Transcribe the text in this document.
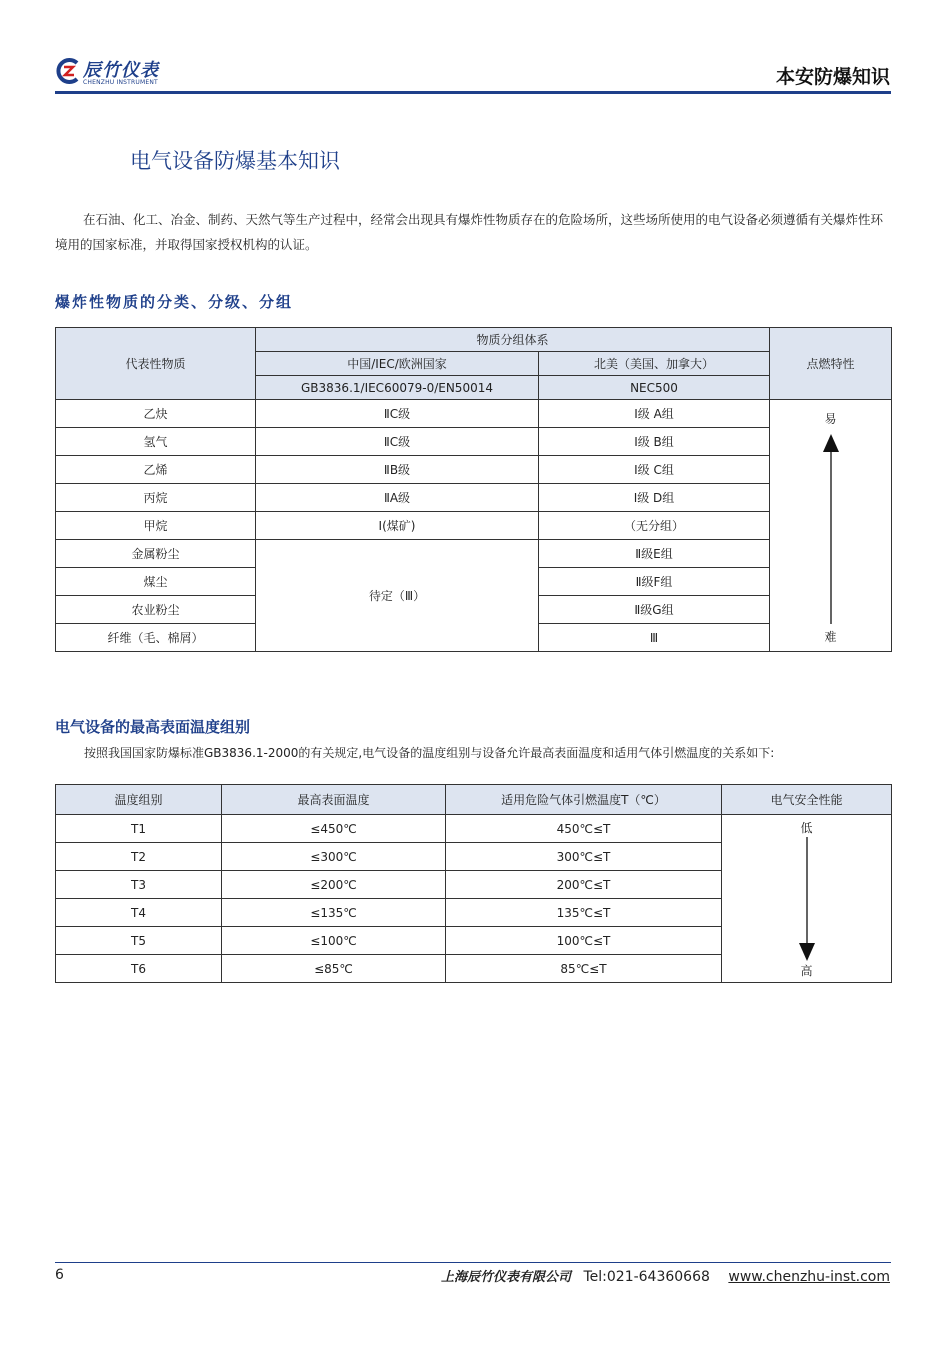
辰竹仪表
CHENZHU INSTRUMENT	本安防爆知识
电气设备防爆基本知识
在石油、化工、冶金、制药、天然气等生产过程中，经常会出现具有爆炸性物质存在的危险场所，这些场所使用的电气设备必须遵循有关爆炸性环境用的国家标准，并取得国家授权机构的认证。
爆炸性物质的分类、分级、分组
代表性物质	物质分组体系		点燃特性
	中国/IEC/欧洲国家	北美（美国、加拿大）	
	GB3836.1/IEC60079-0/EN50014	NEC500	
乙炔	ⅡC级	Ⅰ级 A组	易
难

氢气	ⅡC级	Ⅰ级 B组	
乙烯	ⅡB级	Ⅰ级 C组	
丙烷	ⅡA级	Ⅰ级 D组	
甲烷	Ⅰ(煤矿)	（无分组）	
金属粉尘	待定（Ⅲ）	Ⅱ级E组	
煤尘		Ⅱ级F组	
农业粉尘		Ⅱ级G组	
纤维（毛、棉屑）		Ⅲ	
电气设备的最高表面温度组别
按照我国国家防爆标准GB3836.1-2000的有关规定,电气设备的温度组别与设备允许最高表面温度和适用气体引燃温度的关系如下:
温度组别	最高表面温度	适用危险气体引燃温度T（℃）	电气安全性能
T1	≤450℃	450℃≤T	低
高

T2	≤300℃	300℃≤T	
T3	≤200℃	200℃≤T	
T4	≤135℃	135℃≤T	
T5	≤100℃	100℃≤T	
T6	≤85℃	85℃≤T	
6	上海辰竹仪表有限公司 Tel:021-64360668 www.chenzhu-inst.com
